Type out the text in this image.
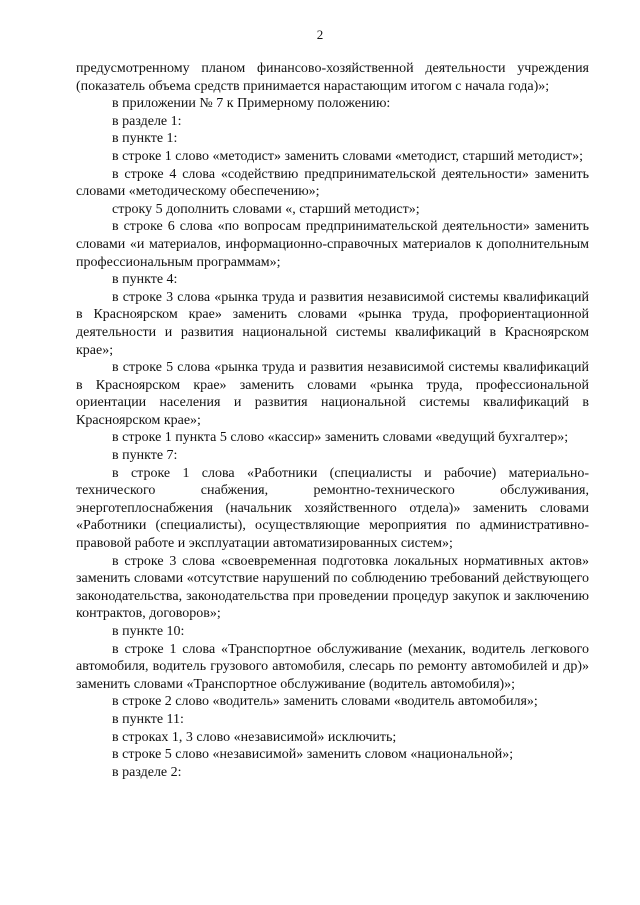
2

предусмотренному планом финансово-хозяйственной деятельности учреждения (показатель объема средств принимается нарастающим итогом с начала года)»;

в приложении № 7 к Примерному положению:

в разделе 1:

в пункте 1:

в строке 1 слово «методист» заменить словами «методист, старший методист»;

в строке 4 слова «содействию предпринимательской деятельности» заменить словами «методическому обеспечению»;

строку 5 дополнить словами «, старший методист»;

в строке 6 слова «по вопросам предпринимательской деятельности» заменить словами «и материалов, информационно-справочных материалов к дополнительным профессиональным программам»;

в пункте 4:

в строке 3 слова «рынка труда и развития независимой системы квалификаций в Красноярском крае» заменить словами «рынка труда, профориентационной деятельности и развития национальной системы квалификаций в Красноярском крае»;

в строке 5 слова «рынка труда и развития независимой системы квалификаций в Красноярском крае» заменить словами «рынка труда, профессиональной ориентации населения и развития национальной системы квалификаций в Красноярском крае»;

в строке 1 пункта 5 слово «кассир» заменить словами «ведущий бухгалтер»;

в пункте 7:

в строке 1 слова «Работники (специалисты и рабочие) материально-технического снабжения, ремонтно-технического обслуживания, энерготеплоснабжения (начальник хозяйственного отдела)» заменить словами «Работники (специалисты), осуществляющие мероприятия по административно-правовой работе и эксплуатации автоматизированных систем»;

в строке 3 слова «своевременная подготовка локальных нормативных актов» заменить словами «отсутствие нарушений по соблюдению требований действующего законодательства, законодательства при проведении процедур закупок и заключению контрактов, договоров»;

в пункте 10:

в строке 1 слова «Транспортное обслуживание (механик, водитель легкового автомобиля, водитель грузового автомобиля, слесарь по ремонту автомобилей и др)» заменить словами «Транспортное обслуживание (водитель автомобиля)»;

в строке 2 слово «водитель» заменить словами «водитель автомобиля»;

в пункте 11:

в строках 1, 3 слово «независимой» исключить;

в строке 5 слово «независимой» заменить словом «национальной»;

в разделе 2:
